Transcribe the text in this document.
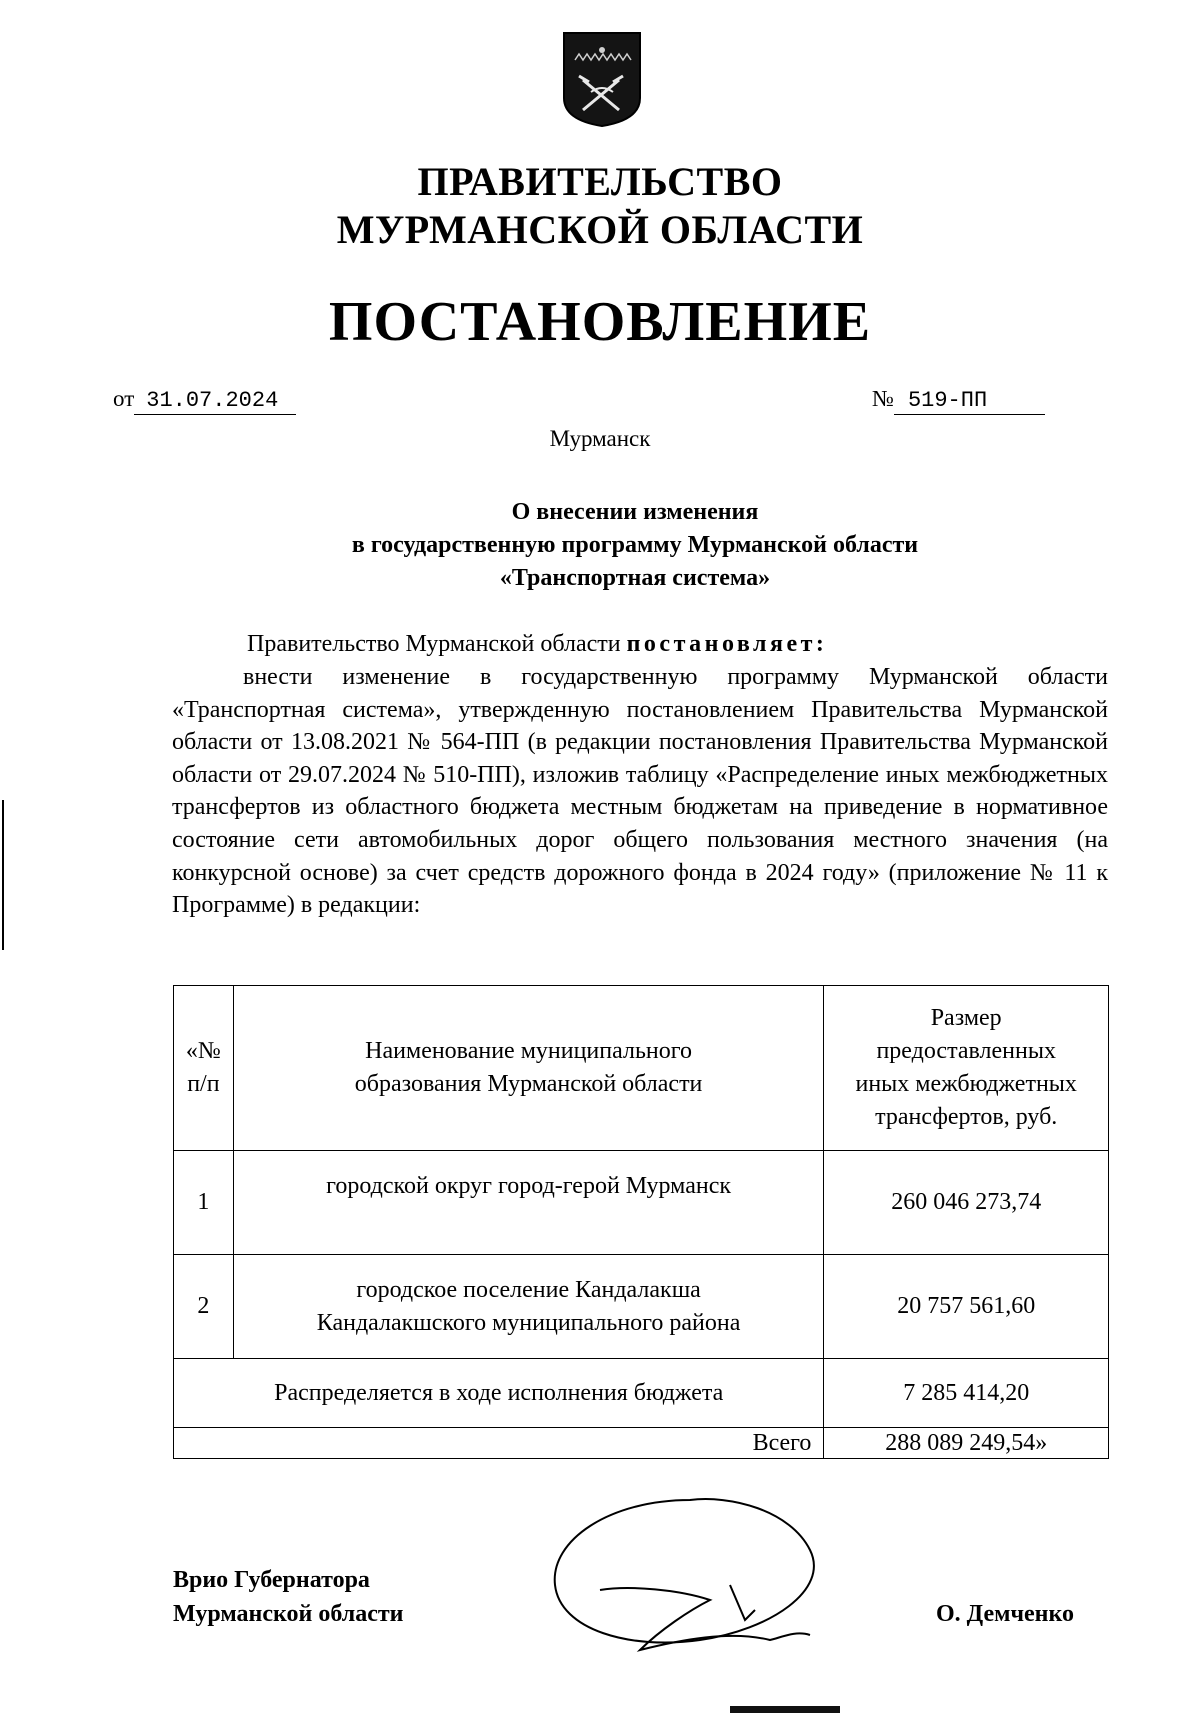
ПРАВИТЕЛЬСТВО
МУРМАНСКОЙ ОБЛАСТИ
ПОСТАНОВЛЕНИЕ
от 31.07.2024	№ 519-ПП
Мурманск
О внесении изменения
в государственную программу Мурманской области
«Транспортная система»
Правительство Мурманской области постановляет:
внести изменение в государственную программу Мурманской области «Транспортная система», утвержденную постановлением Правительства Мурманской области от 13.08.2021 № 564-ПП (в редакции постановления Правительства Мурманской области от 29.07.2024 № 510-ПП), изложив таблицу «Распределение иных межбюджетных трансфертов из областного бюджета местным бюджетам на приведение в нормативное состояние сети автомобильных дорог общего пользования местного значения (на конкурсной основе) за счет средств дорожного фонда в 2024 году» (приложение № 11 к Программе) в редакции:
«№ п/п	Наименование муниципального образования Мурманской области	Размер предоставленных иных межбюджетных трансфертов, руб.
1	городской округ город-герой Мурманск	260 046 273,74
2	городское поселение Кандалакша Кандалакшского муниципального района	20 757 561,60
Распределяется в ходе исполнения бюджета		7 285 414,20
Всего		288 089 249,54»
Врио Губернатора
Мурманской области	О. Демченко
